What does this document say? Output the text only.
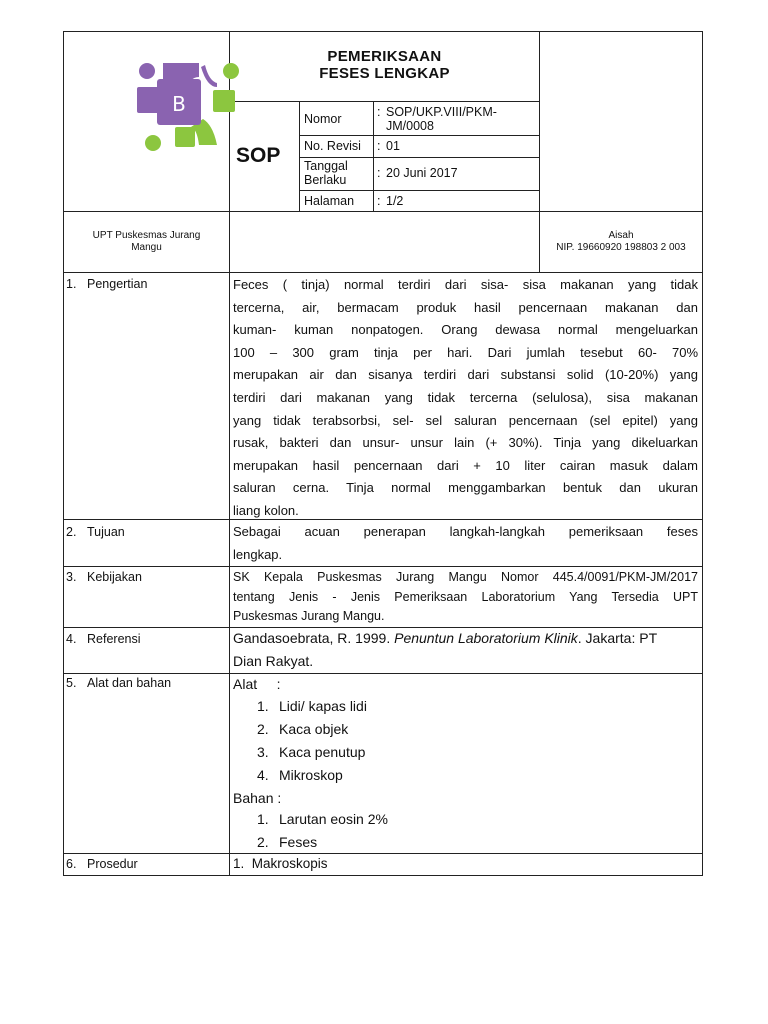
B
PEMERIKSAAN
FESES LENGKAP
SOP
Nomor	: SOP/UKP.VIII/PKM-
JM/0008
No. Revisi : 01
Tanggal
Berlaku : 20 Juni 2017
Halaman : 1/2
UPT Puskesmas Jurang
Mangu
Aisah
NIP. 19660920 198803 2 003
1. Pengertian	Feces ( tinja) normal terdiri dari sisa- sisa makanan yang tidak
tercerna, air, bermacam produk hasil pencernaan makanan dan
kuman- kuman nonpatogen. Orang dewasa normal mengeluarkan
100 – 300 gram tinja per hari. Dari jumlah tesebut 60- 70%
merupakan air dan sisanya terdiri dari substansi solid (10-20%) yang
terdiri dari makanan yang tidak tercerna (selulosa), sisa makanan
yang tidak terabsorbsi, sel- sel saluran pencernaan (sel epitel) yang
rusak, bakteri dan unsur- unsur lain (+ 30%). Tinja yang dikeluarkan
merupakan hasil pencernaan dari + 10 liter cairan masuk dalam
saluran cerna. Tinja normal menggambarkan bentuk dan ukuran
liang kolon.
2. Tujuan	Sebagai acuan penerapan langkah-langkah pemeriksaan feses
lengkap.
3. Kebijakan	SK Kepala Puskesmas Jurang Mangu Nomor 445.4/0091/PKM-JM/2017
tentang Jenis - Jenis Pemeriksaan Laboratorium Yang Tersedia UPT
Puskesmas Jurang Mangu.
4. Referensi	Gandasoebrata, R. 1999. Penuntun Laboratorium Klinik. Jakarta: PT
Dian Rakyat.
5. Alat dan bahan	Alat     :
1. Lidi/ kapas lidi
2. Kaca objek
3. Kaca penutup
4. Mikroskop
Bahan :
1. Larutan eosin 2%
2. Feses
6. Prosedur	1.  Makroskopis
